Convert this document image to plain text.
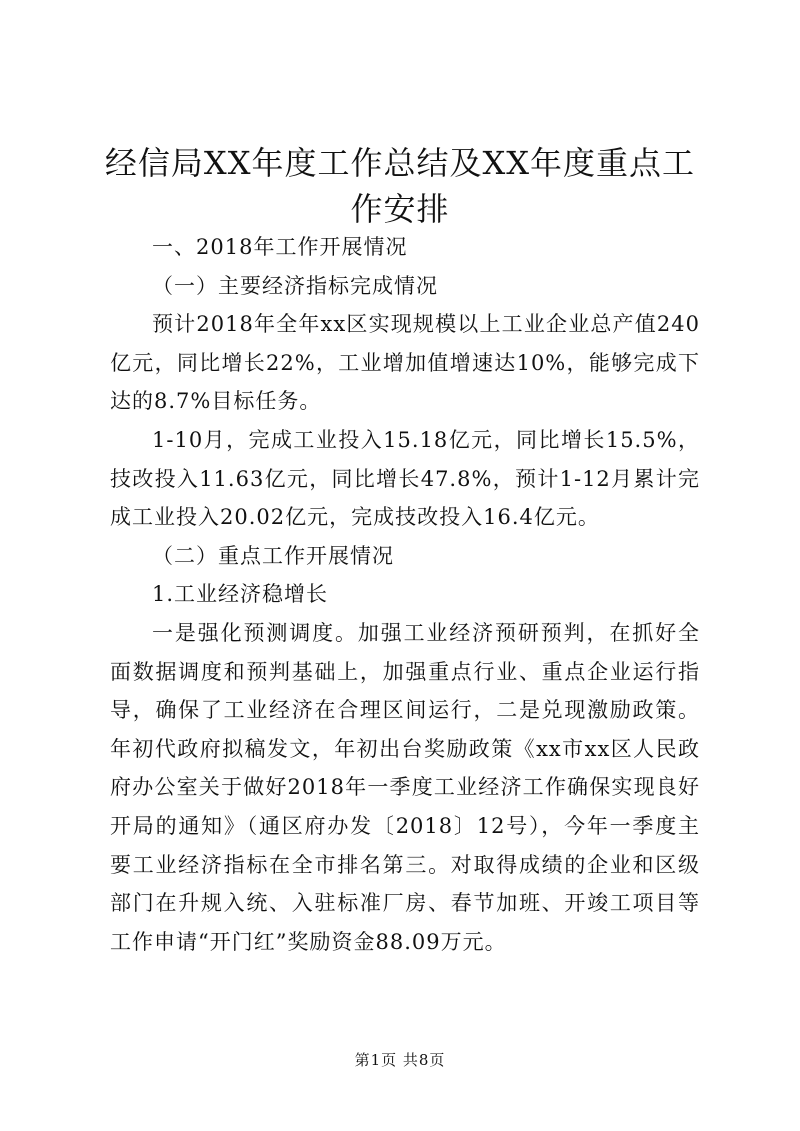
经信局XX年度工作总结及XX年度重点工作安排

一、2018年工作开展情况

（一）主要经济指标完成情况

预计2018年全年xx区实现规模以上工业企业总产值240亿元，同比增长22%，工业增加值增速达10%，能够完成下达的8.7%目标任务。

1-10月，完成工业投入15.18亿元，同比增长15.5%，技改投入11.63亿元，同比增长47.8%，预计1-12月累计完成工业投入20.02亿元，完成技改投入16.4亿元。

（二）重点工作开展情况

1.工业经济稳增长

一是强化预测调度。加强工业经济预研预判，在抓好全面数据调度和预判基础上，加强重点行业、重点企业运行指导，确保了工业经济在合理区间运行，二是兑现激励政策。年初代政府拟稿发文，年初出台奖励政策《xx市xx区人民政府办公室关于做好2018年一季度工业经济工作确保实现良好开局的通知》（通区府办发〔2018〕12号），今年一季度主要工业经济指标在全市排名第三。对取得成绩的企业和区级部门在升规入统、入驻标准厂房、春节加班、开竣工项目等工作申请“开门红”奖励资金88.09万元。

第1页 共8页
